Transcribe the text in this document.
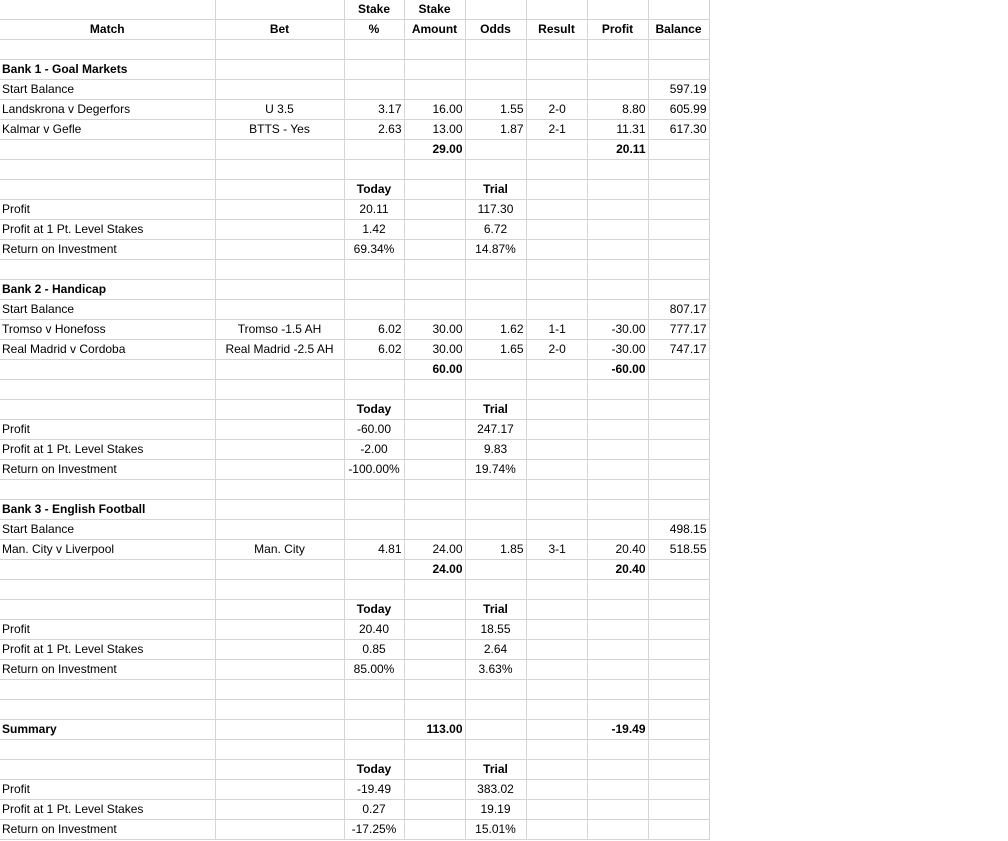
		Stake	Stake				
Match	Bet	%	Amount	Odds	Result	Profit	Balance

Bank 1 - Goal Markets							
Start Balance							597.19
Landskrona v Degerfors	U 3.5	3.17	16.00	1.55	2-0	8.80	605.99
Kalmar v Gefle	BTTS - Yes	2.63	13.00	1.87	2-1	11.31	617.30
			29.00			20.11	

		Today		Trial			
Profit		20.11		117.30			
Profit at 1 Pt. Level Stakes		1.42		6.72			
Return on Investment		69.34%		14.87%			

Bank 2 - Handicap							
Start Balance							807.17
Tromso v Honefoss	Tromso -1.5 AH	6.02	30.00	1.62	1-1	-30.00	777.17
Real Madrid v Cordoba	Real Madrid -2.5 AH	6.02	30.00	1.65	2-0	-30.00	747.17
			60.00			-60.00	

		Today		Trial			
Profit		-60.00		247.17			
Profit at 1 Pt. Level Stakes		-2.00		9.83			
Return on Investment		-100.00%		19.74%			

Bank 3 - English Football							
Start Balance							498.15
Man. City v Liverpool	Man. City	4.81	24.00	1.85	3-1	20.40	518.55
			24.00			20.40	

		Today		Trial			
Profit		20.40		18.55			
Profit at 1 Pt. Level Stakes		0.85		2.64			
Return on Investment		85.00%		3.63%			

Summary			113.00			-19.49	

		Today		Trial			
Profit		-19.49		383.02			
Profit at 1 Pt. Level Stakes		0.27		19.19			
Return on Investment		-17.25%		15.01%			
